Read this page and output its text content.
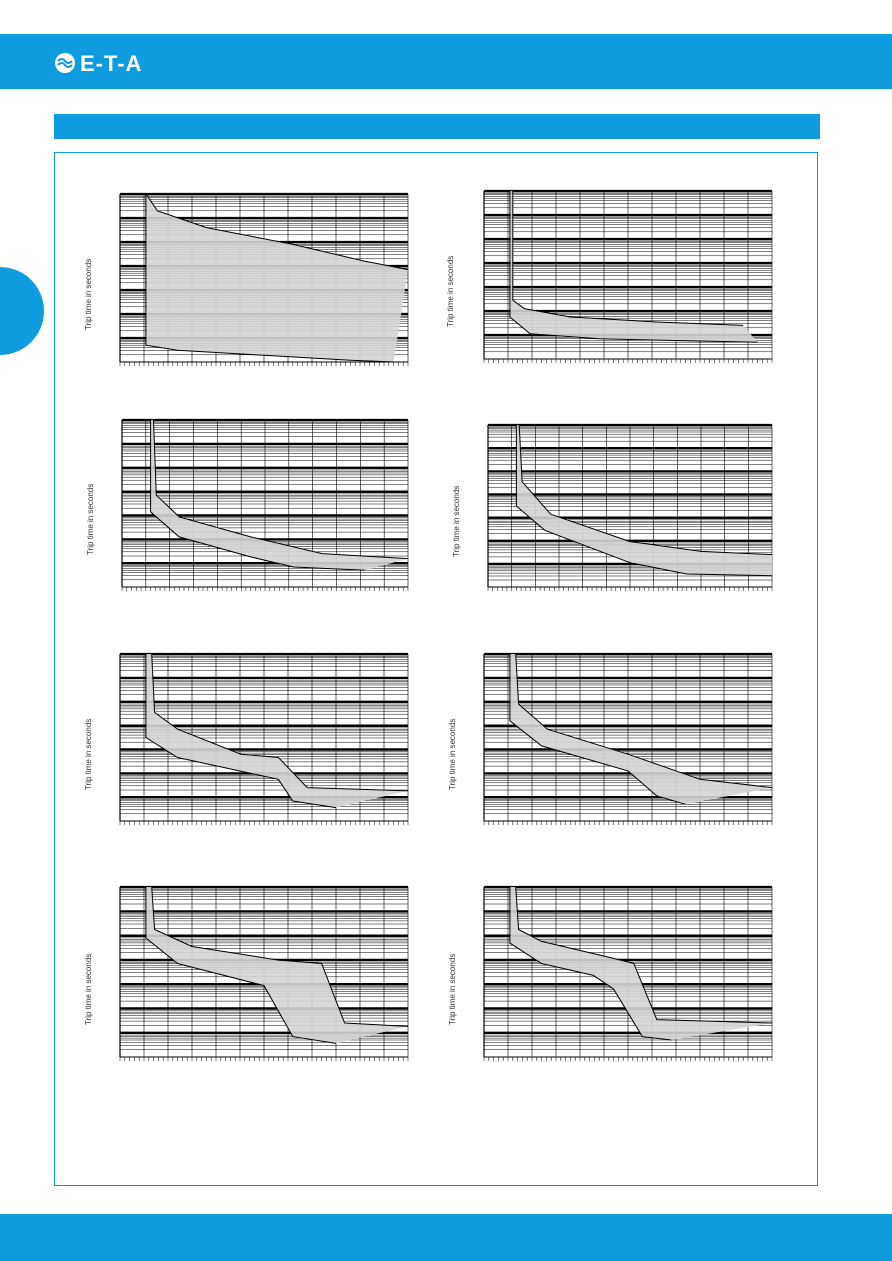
E-T-A
Trip time in seconds	Trip time in seconds
Trip time in seconds	Trip time in seconds
Trip time in seconds	Trip time in seconds
Trip time in seconds	Trip time in seconds
